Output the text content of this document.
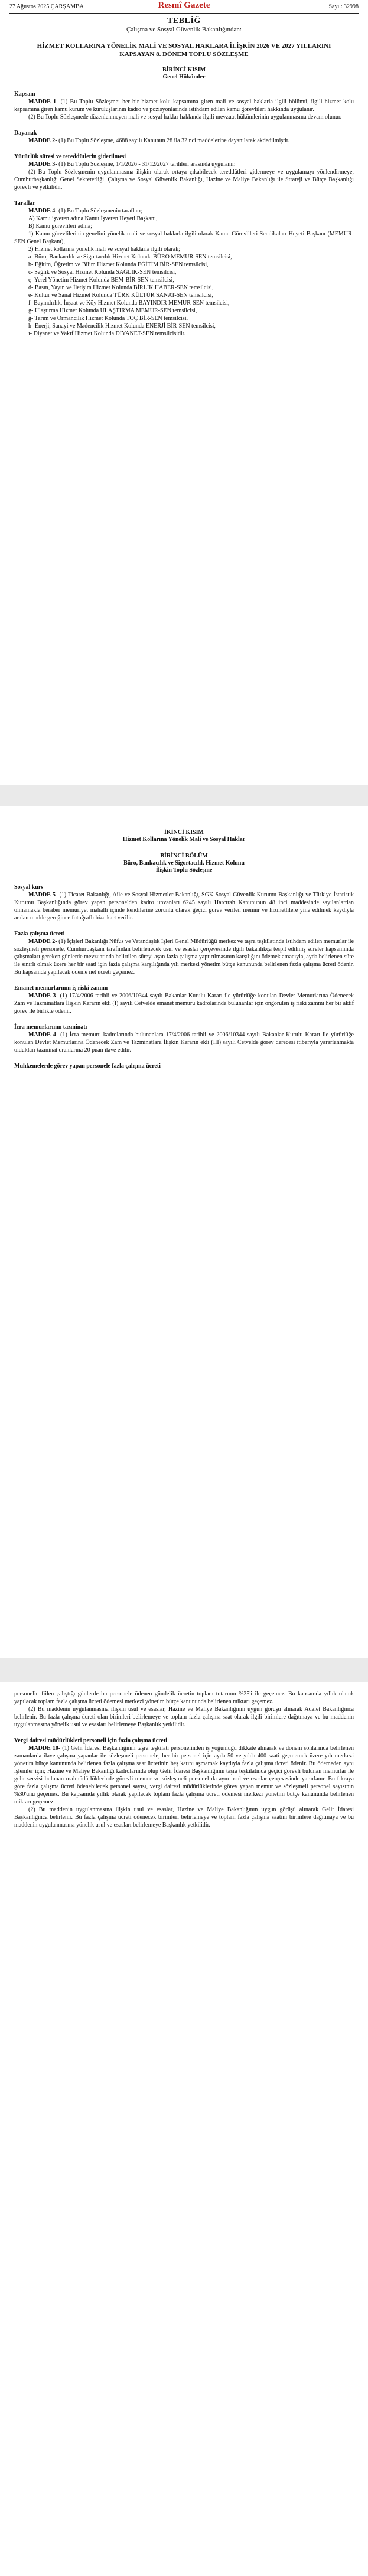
27 Ağustos 2025 ÇARŞAMBA	Resmî Gazete	Sayı : 32998
TEBLİĞ
Çalışma ve Sosyal Güvenlik Bakanlığından:
HİZMET KOLLARINA YÖNELİK MALİ VE SOSYAL HAKLARA İLİŞKİN 2026 VE 2027 YILLARINI KAPSAYAN 8. DÖNEM TOPLU SÖZLEŞME
BİRİNCİ KISIM
Genel Hükümler
Kapsam

MADDE 1- (1) Bu Toplu Sözleşme; her bir hizmet kolu kapsamına giren mali ve sosyal haklarla ilgili bölümü, ilgili hizmet kolu kapsamına giren kamu kurum ve kuruluşlarının kadro ve pozisyonlarında istihdam edilen kamu görevlileri hakkında uygulanır.

(2) Bu Toplu Sözleşmede düzenlenmeyen mali ve sosyal haklar hakkında ilgili mevzuat hükümlerinin uygulanmasına devam olunur.

Dayanak

MADDE 2- (1) Bu Toplu Sözleşme, 4688 sayılı Kanunun 28 ila 32 nci maddelerine dayanılarak akdedilmiştir.

Yürürlük süresi ve tereddütlerin giderilmesi

MADDE 3- (1) Bu Toplu Sözleşme, 1/1/2026 - 31/12/2027 tarihleri arasında uygulanır.

(2) Bu Toplu Sözleşmenin uygulanmasına ilişkin olarak ortaya çıkabilecek tereddütleri gidermeye ve uygulamayı yönlendirmeye, Cumhurbaşkanlığı Genel Sekreterliği, Çalışma ve Sosyal Güvenlik Bakanlığı, Hazine ve Maliye Bakanlığı ile Strateji ve Bütçe Başkanlığı görevli ve yetkilidir.

Taraflar

MADDE 4- (1) Bu Toplu Sözleşmenin tarafları;

A) Kamu işveren adına Kamu İşveren Heyeti Başkanı,

B) Kamu görevlileri adına;

1) Kamu görevlilerinin genelini yönelik mali ve sosyal haklarla ilgili olarak Kamu Görevlileri Sendikaları Heyeti Başkanı (MEMUR-SEN Genel Başkanı),

2) Hizmet kollarına yönelik mali ve sosyal haklarla ilgili olarak;

a- Büro, Bankacılık ve Sigortacılık Hizmet Kolunda BÜRO MEMUR-SEN temsilcisi,

b- Eğitim, Öğretim ve Bilim Hizmet Kolunda EĞİTİM BİR-SEN temsilcisi,

c- Sağlık ve Sosyal Hizmet Kolunda SAĞLIK-SEN temsilcisi,

ç- Yerel Yönetim Hizmet Kolunda BEM-BİR-SEN temsilcisi,

d- Basın, Yayın ve İletişim Hizmet Kolunda BİRLİK HABER-SEN temsilcisi,

e- Kültür ve Sanat Hizmet Kolunda TÜRK KÜLTÜR SANAT-SEN temsilcisi,

f- Bayındırlık, İnşaat ve Köy Hizmet Kolunda BAYINDIR MEMUR-SEN temsilcisi,

g- Ulaştırma Hizmet Kolunda ULAŞTIRMA MEMUR-SEN temsilcisi,

ğ- Tarım ve Ormancılık Hizmet Kolunda TOÇ BİR-SEN temsilcisi,

h- Enerji, Sanayi ve Madencilik Hizmet Kolunda ENERJİ BİR-SEN temsilcisi,

ı- Diyanet ve Vakıf Hizmet Kolunda DİYANET-SEN temsilcisidir.

İKİNCİ KISIM
Hizmet Kollarına Yönelik Mali ve Sosyal Haklar
BİRİNCİ BÖLÜM
Büro, Bankacılık ve Sigortacılık Hizmet Kolunu
İlişkin Toplu Sözleşme
Sosyal kurs

MADDE 5- (1) Ticaret Bakanlığı, Aile ve Sosyal Hizmetler Bakanlığı, SGK Sosyal Güvenlik Kurumu Başkanlığı ve Türkiye İstatistik Kurumu Başkanlığında görev yapan personelden kadro unvanları 6245 sayılı Harcırah Kanununun 48 inci maddesinde sayılanlardan olmamakla beraber memuriyet mahalli içinde kendilerine zorunlu olarak geçici görev verilen memur ve hizmetlilere yine edilmek kaydıyla aralan madde gereğince fotoğraflı bize kart verilir.

Fazla çalışma ücreti

MADDE 2- (1) İçişleri Bakanlığı Nüfus ve Vatandaşlık İşleri Genel Müdürlüğü merkez ve taşra teşkilatında istihdam edilen memurlar ile sözleşmeli personele, Cumhurbaşkanı tarafından belirlenecek usul ve esaslar çerçevesinde ilgili bakanlıkça tespit edilmiş süreler kapsamında çalışmaları gereken günlerde mevzuatında belirtilen süreyi aşan fazla çalışma yaptırılmasının karşılığını ödemek amacıyla, ayda belirlenen süre ile sınırlı olmak üzere her bir saati için fazla çalışma karşılığında yılı merkezi yönetim bütçe kanununda belirlenen fazla çalışma ücreti ödenir. Bu kapsamda yapılacak ödeme net ücreti geçemez.

Emanet memurlarının iş riski zammı

MADDE 3- (1) 17/4/2006 tarihli ve 2006/10344 sayılı Bakanlar Kurulu Kararı ile yürürlüğe konulan Devlet Memurlarına Ödenecek Zam ve Tazminatlara İlişkin Kararın ekli (I) sayılı Cetvelde emanet memuru kadrolarında bulunanlar için öngörülen iş riski zammı her bir aktif görev ile birlikte ödenir.

İcra memurlarının tazminatı

MADDE 4- (1) İcra memuru kadrolarında bulunanlara 17/4/2006 tarihli ve 2006/10344 sayılı Bakanlar Kurulu Kararı ile yürürlüğe konulan Devlet Memurlarına Ödenecek Zam ve Tazminatlara İlişkin Kararın ekli (III) sayılı Cetvelde görev derecesi itibarıyla yararlanmakta oldukları tazminat oranlarına 20 puan ilave edilir.

Muhkemelerde görev yapan personele fazla çalışma ücreti

personelin fiilen çalıştığı günlerde bu personele ödenen gündelik ücretin toplam tutarının %25'i ile geçemez. Bu kapsamda yıllık olarak yapılacak toplam fazla çalışma ücreti ödemesi merkezi yönetim bütçe kanununda belirlenen miktarı geçemez.

(2) Bu maddenin uygulanmasına ilişkin usul ve esaslar, Hazine ve Maliye Bakanlığının uygun görüşü alınarak Adalet Bakanlığınca belirlenir. Bu fazla çalışma ücreti olan birimleri belirlemeye ve toplam fazla çalışma saat olarak ilgili birimlere dağıtmaya ve bu maddenin uygulanmasına yönelik usul ve esasları belirlemeye Başkanlık yetkilidir.

Vergi dairesi müdürlükleri personeli için fazla çalışma ücreti

MADDE 10- (1) Gelir İdaresi Başkanlığının taşra teşkilatı personelinden iş yoğunluğu dikkate alınarak ve dönem sonlarında belirlenen zamanlarda ilave çalışma yapanlar ile sözleşmeli personele, her bir personel için ayda 50 ve yılda 400 saati geçmemek üzere yılı merkezi yönetim bütçe kanununda belirlenen fazla çalışma saat ücretinin beş katını aşmamak kaydıyla fazla çalışma ücreti ödenir. Bu ödemeden aynı işlemler için; Hazine ve Maliye Bakanlığı kadrolarında olup Gelir İdaresi Başkanlığının taşra teşkilatında geçici görevli bulunan memurlar ile gelir servisi bulunan malmüdürlüklerinde görevli memur ve sözleşmeli personel da aynı usul ve esaslar çerçevesinde yararlanır. Bu fıkraya göre fazla çalışma ücreti ödenebilecek personel sayısı, vergi dairesi müdürlüklerinde görev yapan memur ve sözleşmeli personel sayısının %30'unu geçemez. Bu kapsamda yıllık olarak yapılacak toplam fazla çalışma ücreti ödemesi merkezi yönetim bütçe kanununda belirlenen miktarı geçemez.

(2) Bu maddenin uygulanmasına ilişkin usul ve esaslar, Hazine ve Maliye Bakanlığının uygun görüşü alınarak Gelir İdaresi Başkanlığınca belirlenir. Bu fazla çalışma ücreti ödenecek birimleri belirlemeye ve toplam fazla çalışma saatini birimlere dağıtmaya ve bu maddenin uygulanmasına yönelik usul ve esasları belirlemeye Başkanlık yetkilidir.
